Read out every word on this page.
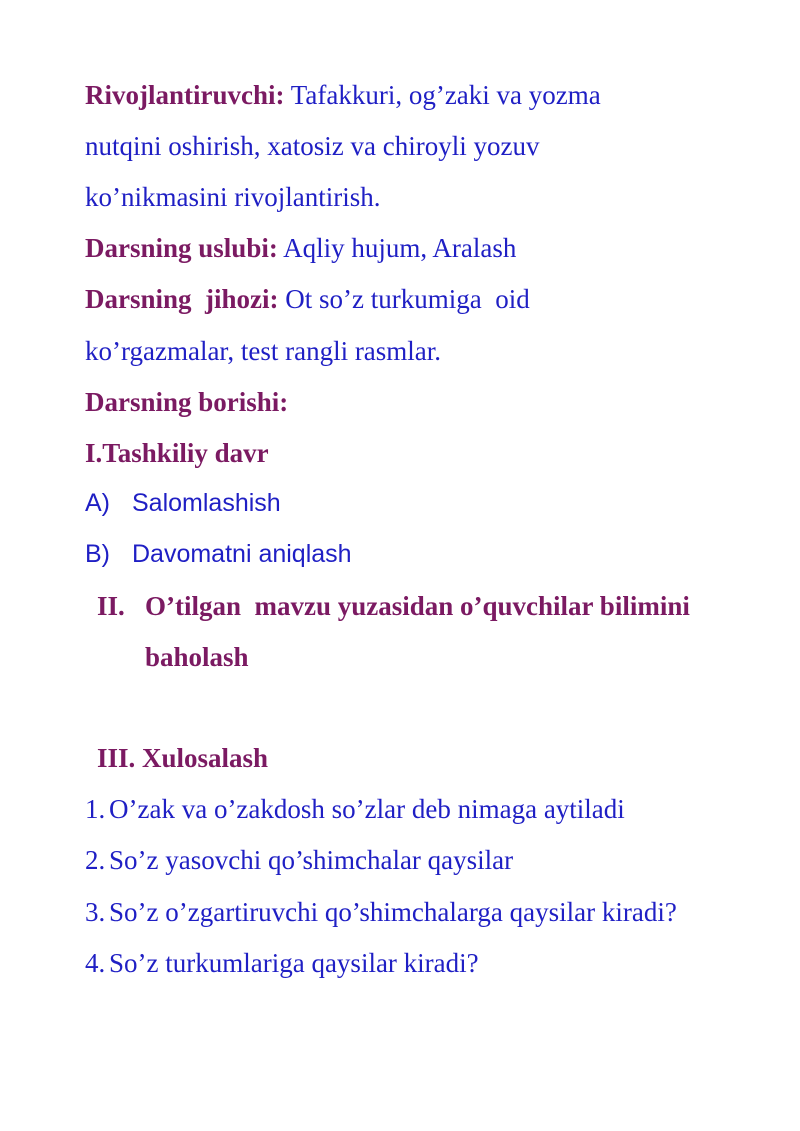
Rivojlantiruvchi: Tafakkuri, og’zaki va yozma
nutqini oshirish, xatosiz va chiroyli yozuv
ko’nikmasini rivojlantirish.
Darsning uslubi: Aqliy hujum, Aralash
Darsning  jihozi: Ot so’z turkumiga  oid
ko’rgazmalar, test rangli rasmlar.
Darsning borishi:
I.Tashkiliy davr
A) Salomlashish
B) Davomatni aniqlash
II. O’tilgan  mavzu yuzasidan o’quvchilar bilimini
baholash
III. Xulosalash
1. O’zak va o’zakdosh so’zlar deb nimaga aytiladi
2. So’z yasovchi qo’shimchalar qaysilar
3. So’z o’zgartiruvchi qo’shimchalarga qaysilar kiradi?
4. So’z turkumlariga qaysilar kiradi?
